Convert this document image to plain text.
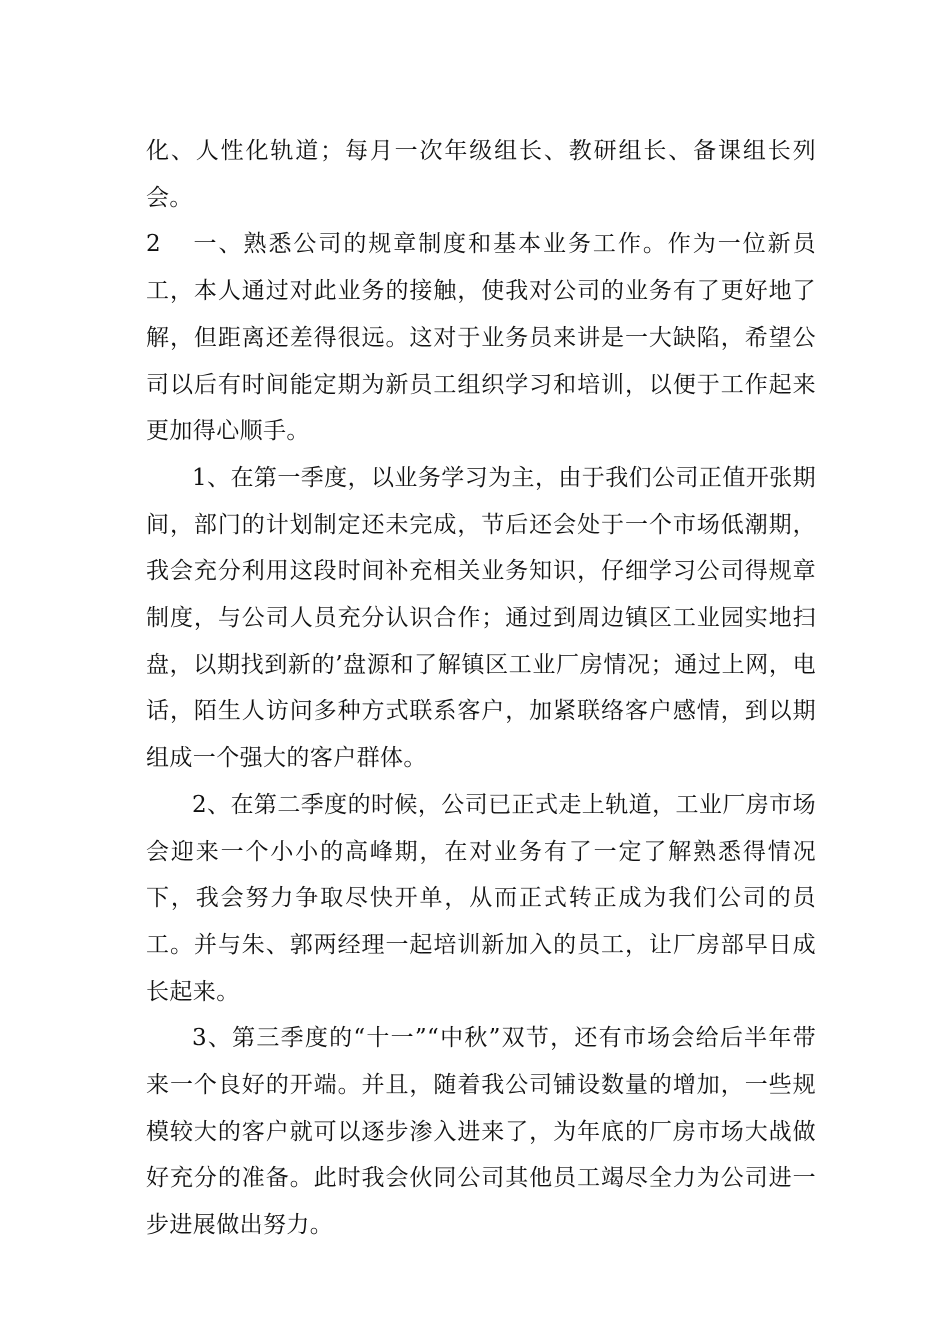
化、人性化轨道；每月一次年级组长、教研组长、备课组长列会。

2 一、熟悉公司的规章制度和基本业务工作。作为一位新员工，本人通过对此业务的接触，使我对公司的业务有了更好地了解，但距离还差得很远。这对于业务员来讲是一大缺陷，希望公司以后有时间能定期为新员工组织学习和培训，以便于工作起来更加得心顺手。

1、在第一季度，以业务学习为主，由于我们公司正值开张期间，部门的计划制定还未完成，节后还会处于一个市场低潮期，我会充分利用这段时间补充相关业务知识，仔细学习公司得规章制度，与公司人员充分认识合作；通过到周边镇区工业园实地扫盘，以期找到新的’盘源和了解镇区工业厂房情况；通过上网，电话，陌生人访问多种方式联系客户，加紧联络客户感情，到以期组成一个强大的客户群体。

2、在第二季度的时候，公司已正式走上轨道，工业厂房市场会迎来一个小小的高峰期，在对业务有了一定了解熟悉得情况下，我会努力争取尽快开单，从而正式转正成为我们公司的员工。并与朱、郭两经理一起培训新加入的员工，让厂房部早日成长起来。

3、第三季度的“十一”“中秋”双节，还有市场会给后半年带来一个良好的开端。并且，随着我公司铺设数量的增加，一些规模较大的客户就可以逐步渗入进来了，为年底的厂房市场大战做好充分的准备。此时我会伙同公司其他员工竭尽全力为公司进一步进展做出努力。
